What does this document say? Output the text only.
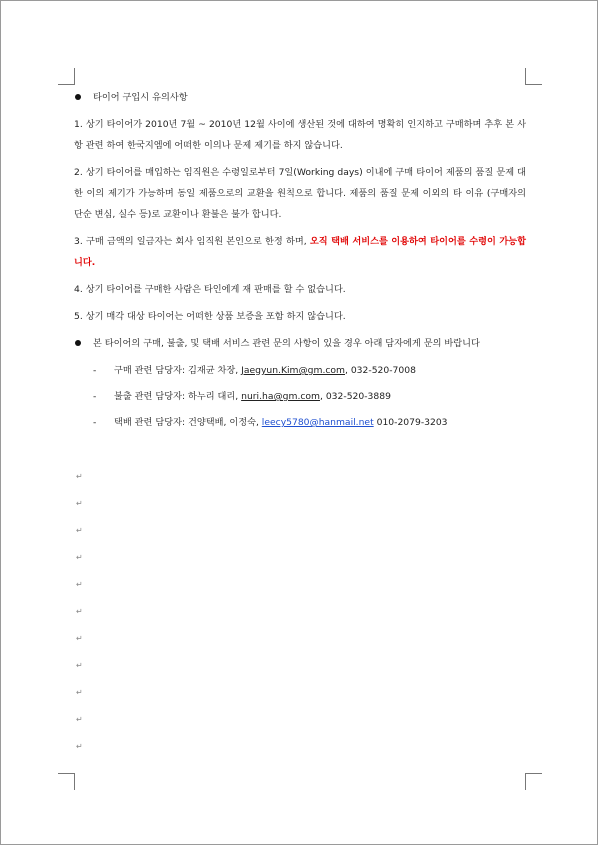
타이어 구입시 유의사항

1. 상기 타이어가 2010년 7월 ~ 2010년 12월 사이에 생산된 것에 대하여 명확히 인지하고 구매하며 추후 본 사항 관련 하여 한국지엠에 어떠한 이의나 문제 제기를 하지 않습니다.

2. 상기 타이어를 매입하는 임직원은 수령일로부터 7일(Working days) 이내에 구매 타이어 제품의 품질 문제 대한 이의 제기가 가능하며 동일 제품으로의 교환을 원칙으로 합니다. 제품의 품질 문제 이외의 타 이유 (구매자의 단순 변심, 실수 등)로 교환이나 환불은 불가 합니다.

3. 구매 금액의 일금자는 회사 임직원 본인으로 한정 하며, 오직 택배 서비스를 이용하여 타이어를 수령이 가능합니다.

4. 상기 타이어를 구매한 사람은 타인에게 재 판매를 할 수 없습니다.

5. 상기 매각 대상 타이어는 어떠한 상품 보증을 포함 하지 않습니다.

본 타이어의 구매, 불출, 및 택배 서비스 관련 문의 사항이 있을 경우 아래 담자에게 문의 바랍니다

- 구매 관련 담당자: 김재균 차장, Jaegyun.Kim@gm.com, 032-520-7008
- 불출 관련 담당자: 하누리 대리, nuri.ha@gm.com, 032-520-3889
- 택배 관련 담당자: 건양택배, 이정숙, leecy5780@hanmail.net 010-2079-3203
↵
↵
↵
↵
↵
↵
↵
↵
↵
↵
↵
